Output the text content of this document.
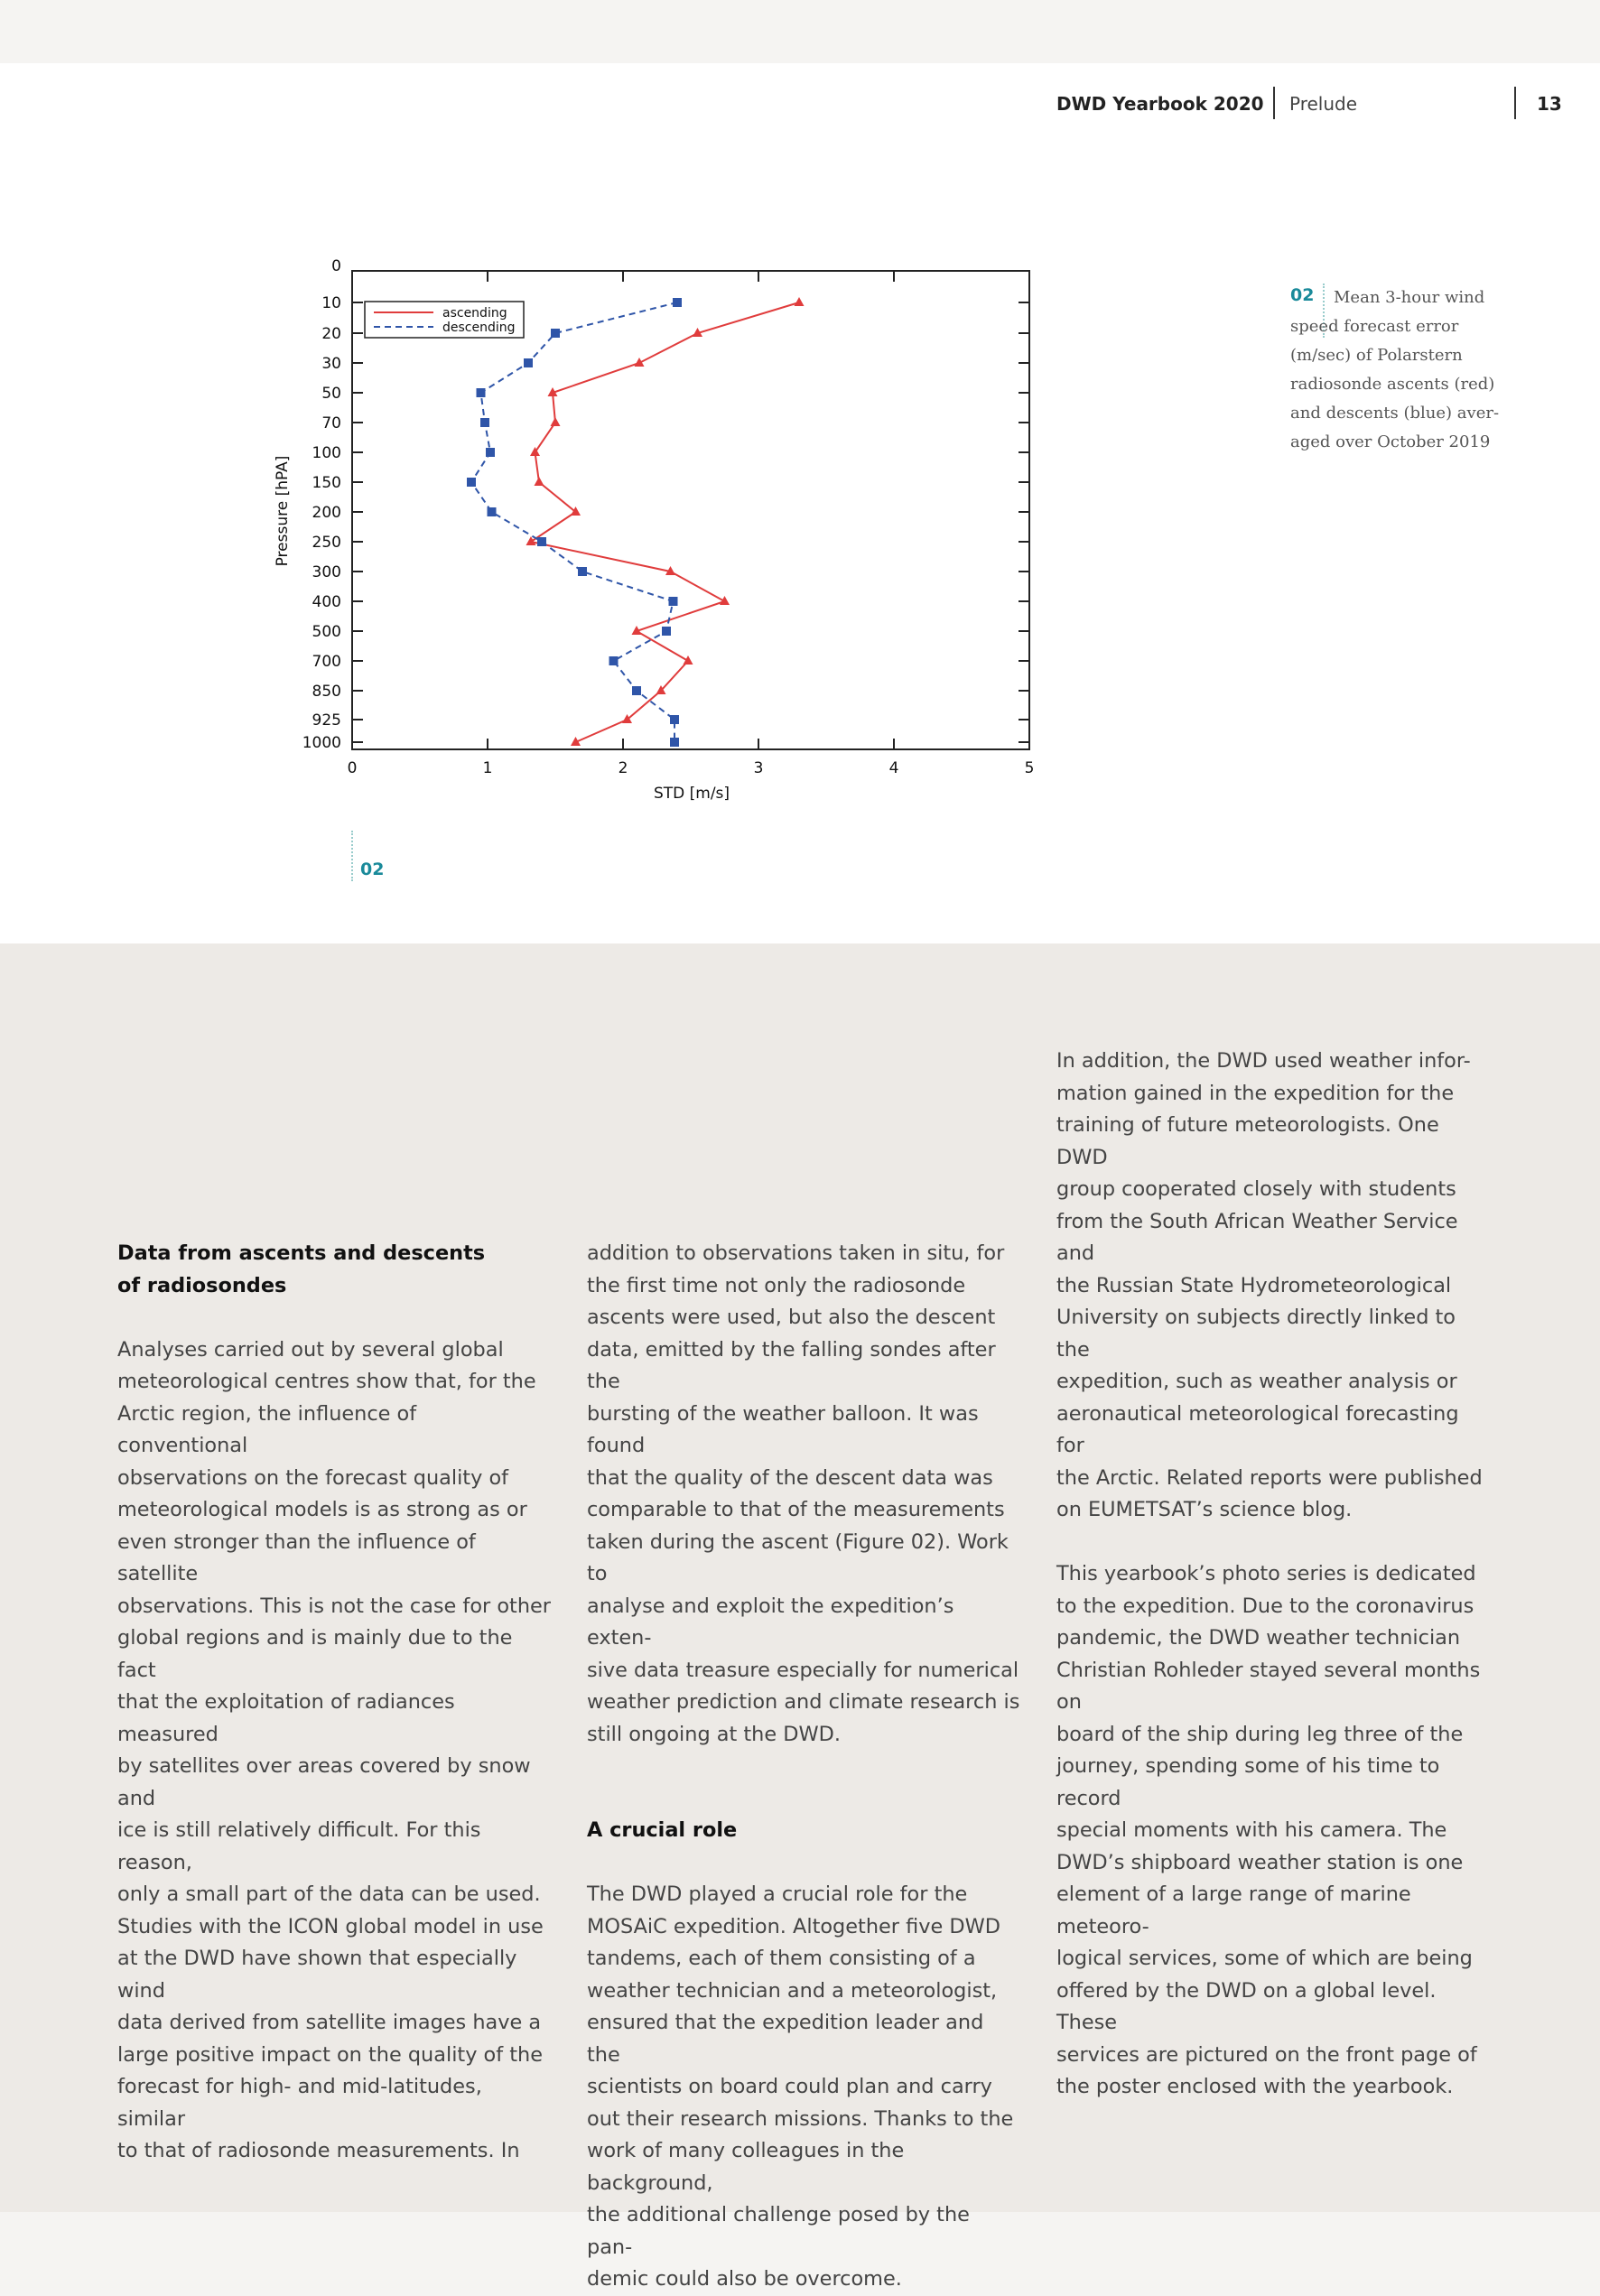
DWD Yearbook 2020 Prelude	13
0
10
20
30
50
70
100
150
200
250
300
400
500
700
850
925
1000
0	1	2	3	4	5
ascending
descending
STD [m/s]
Pressure [hPA]
02	Mean 3-hour wind speed forecast error (m/sec) of Polarstern radiosonde ascents (red) and descents (blue) aver-aged over October 2019
02

Data from ascents and descents

of radiosondes

Analyses carried out by several global

meteorological centres show that, for the

Arctic region, the influence of conventional

observations on the forecast quality of

meteorological models is as strong as or

even stronger than the influence of satellite

observations. This is not the case for other

global regions and is mainly due to the fact

that the exploitation of radiances measured

by satellites over areas covered by snow and

ice is still relatively difficult. For this reason,

only a small part of the data can be used.

Studies with the ICON global model in use

at the DWD have shown that especially wind

data derived from satellite images have a

large positive impact on the quality of the

forecast for high- and mid-latitudes, similar

to that of radiosonde measurements. In

addition to observations taken in situ, for

the first time not only the radiosonde

ascents were used, but also the descent

data, emitted by the falling sondes after the

bursting of the weather balloon. It was found

that the quality of the descent data was

comparable to that of the measurements

taken during the ascent (Figure 02). Work to

analyse and exploit the expedition’s exten-

sive data treasure especially for numerical

weather prediction and climate research is

still ongoing at the DWD.

A crucial role

The DWD played a crucial role for the

MOSAiC expedition. Altogether five DWD

tandems, each of them consisting of a

weather technician and a meteorologist,

ensured that the expedition leader and the

scientists on board could plan and carry

out their research missions. Thanks to the

work of many colleagues in the background,

the additional challenge posed by the pan-

demic could also be overcome.

In addition, the DWD used weather infor-

mation gained in the expedition for the

training of future meteorologists. One DWD

group cooperated closely with students

from the South African Weather Service and

the Russian State Hydrometeorological

University on subjects directly linked to the

expedition, such as weather analysis or

aeronautical meteorological forecasting for

the Arctic. Related reports were published

on EUMETSAT’s science blog.

This yearbook’s photo series is dedicated

to the expedition. Due to the coronavirus

pandemic, the DWD weather technician

Christian Rohleder stayed several months on

board of the ship during leg three of the

journey, spending some of his time to record

special moments with his camera. The

DWD’s shipboard weather station is one

element of a large range of marine meteoro-

logical services, some of which are being

offered by the DWD on a global level. These

services are pictured on the front page of

the poster enclosed with the yearbook.
